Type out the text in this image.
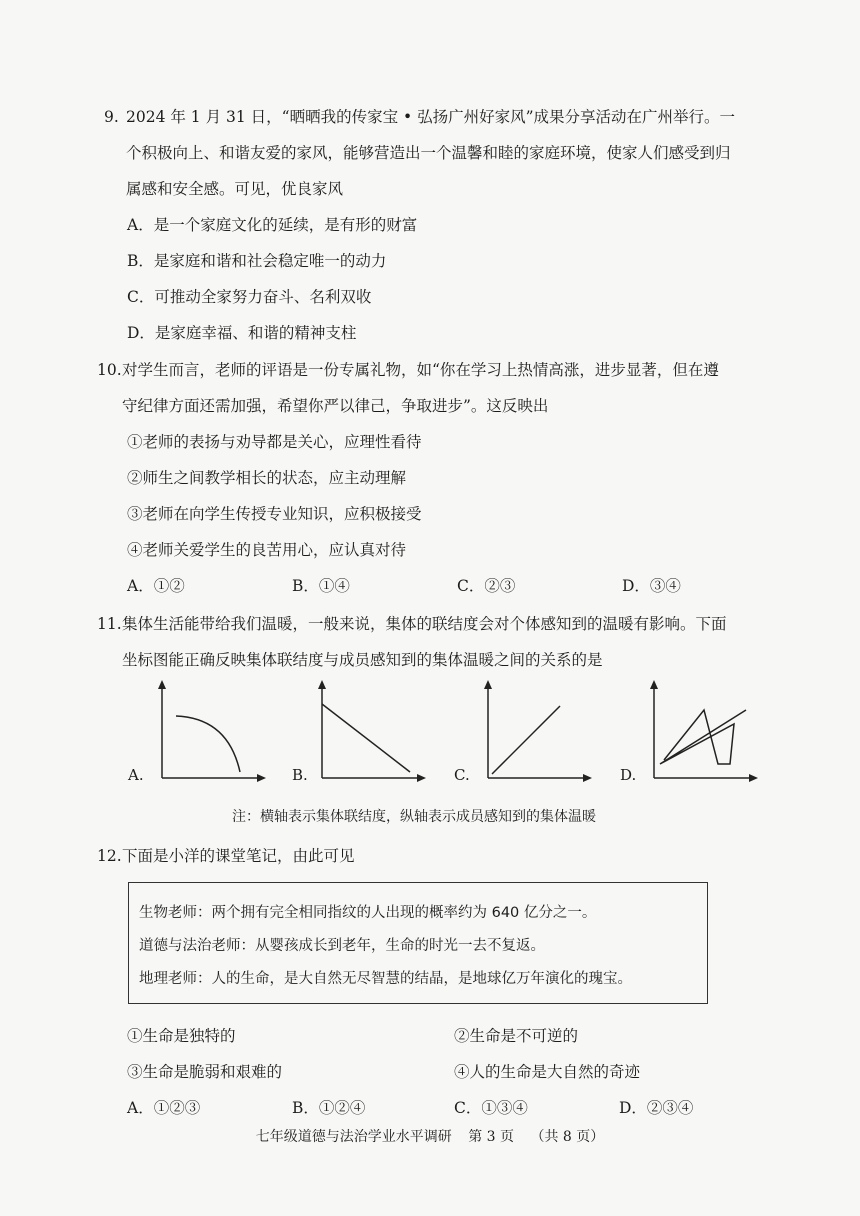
9. 2024 年 1 月 31 日，“晒晒我的传家宝 • 弘扬广州好家风”成果分享活动在广州举行。一
个积极向上、和谐友爱的家风，能够营造出一个温馨和睦的家庭环境，使家人们感受到归
属感和安全感。可见，优良家风
A．是一个家庭文化的延续，是有形的财富
B．是家庭和谐和社会稳定唯一的动力
C．可推动全家努力奋斗、名利双收
D．是家庭幸福、和谐的精神支柱
10. 对学生而言，老师的评语是一份专属礼物，如“你在学习上热情高涨，进步显著，但在遵
守纪律方面还需加强，希望你严以律己，争取进步”。这反映出
①老师的表扬与劝导都是关心，应理性看待
②师生之间教学相长的状态，应主动理解
③老师在向学生传授专业知识，应积极接受
④老师关爱学生的良苦用心，应认真对待
A．①②	B．①④	C．②③	D．③④
11. 集体生活能带给我们温暖，一般来说，集体的联结度会对个体感知到的温暖有影响。下面
坐标图能正确反映集体联结度与成员感知到的集体温暖之间的关系的是
A.	B.	C.	D.
注：横轴表示集体联结度，纵轴表示成员感知到的集体温暖
12. 下面是小洋的课堂笔记，由此可见
生物老师：两个拥有完全相同指纹的人出现的概率约为 640 亿分之一。
道德与法治老师：从婴孩成长到老年，生命的时光一去不复返。
地理老师：人的生命，是大自然无尽智慧的结晶，是地球亿万年演化的瑰宝。
①生命是独特的	②生命是不可逆的
③生命是脆弱和艰难的	④人的生命是大自然的奇迹
A．①②③	B．①②④	C．①③④	D．②③④
七年级道德与法治学业水平调研 第 3 页 （共 8 页）
